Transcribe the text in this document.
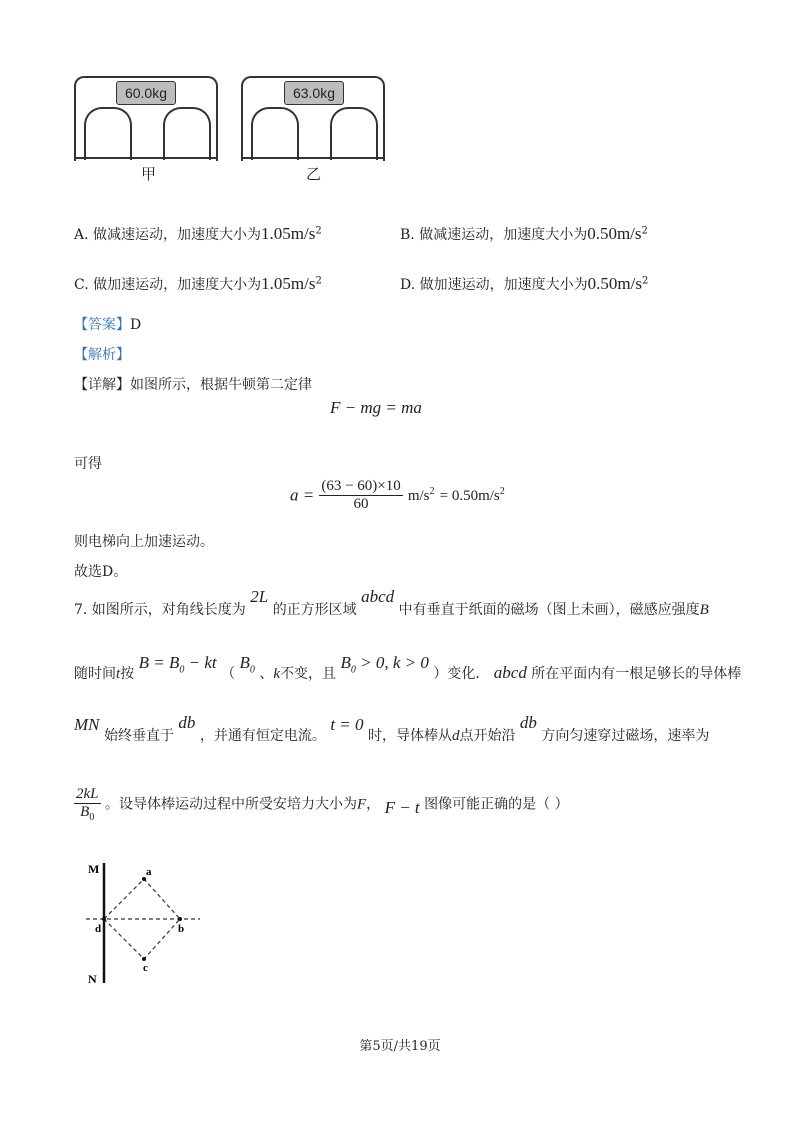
60.0kg
甲
63.0kg
乙
A. 做减速运动，加速度大小为$1.05m/s^2$	B. 做减速运动，加速度大小为$0.50m/s^2$
C. 做加速运动，加速度大小为$1.05m/s^2$	D. 做加速运动，加速度大小为$0.50m/s^2$
【答案】D
【解析】
【详解】如图所示，根据牛顿第二定律
F − mg = ma
可得
$a = \frac{(63 - 60)\times 10}{60} m/s^2 = 0.50m/s^2$
则电梯向上加速运动。
故选D。
7. 如图所示，对角线长度为 2L 的正方形区域 abcd 中有垂直于纸面的磁场（图上未画），磁感应强度B
随时间t按 $B = B_0$ − kt （ $B_0$ 、k不变，且 $B_0 > 0$, k > 0 ）变化． abcd 所在平面内有一根足够长的导体棒
MN 始终垂直于 db ，并通有恒定电流。 t = 0 时，导体棒从d点开始沿 db 方向匀速穿过磁场，速率为
$\frac{2kL}{B_0}$ 。设导体棒运动过程中所受安培力大小为F， F − t 图像可能正确的是（ ）
M
N
a
b
c
d
第5页/共19页
